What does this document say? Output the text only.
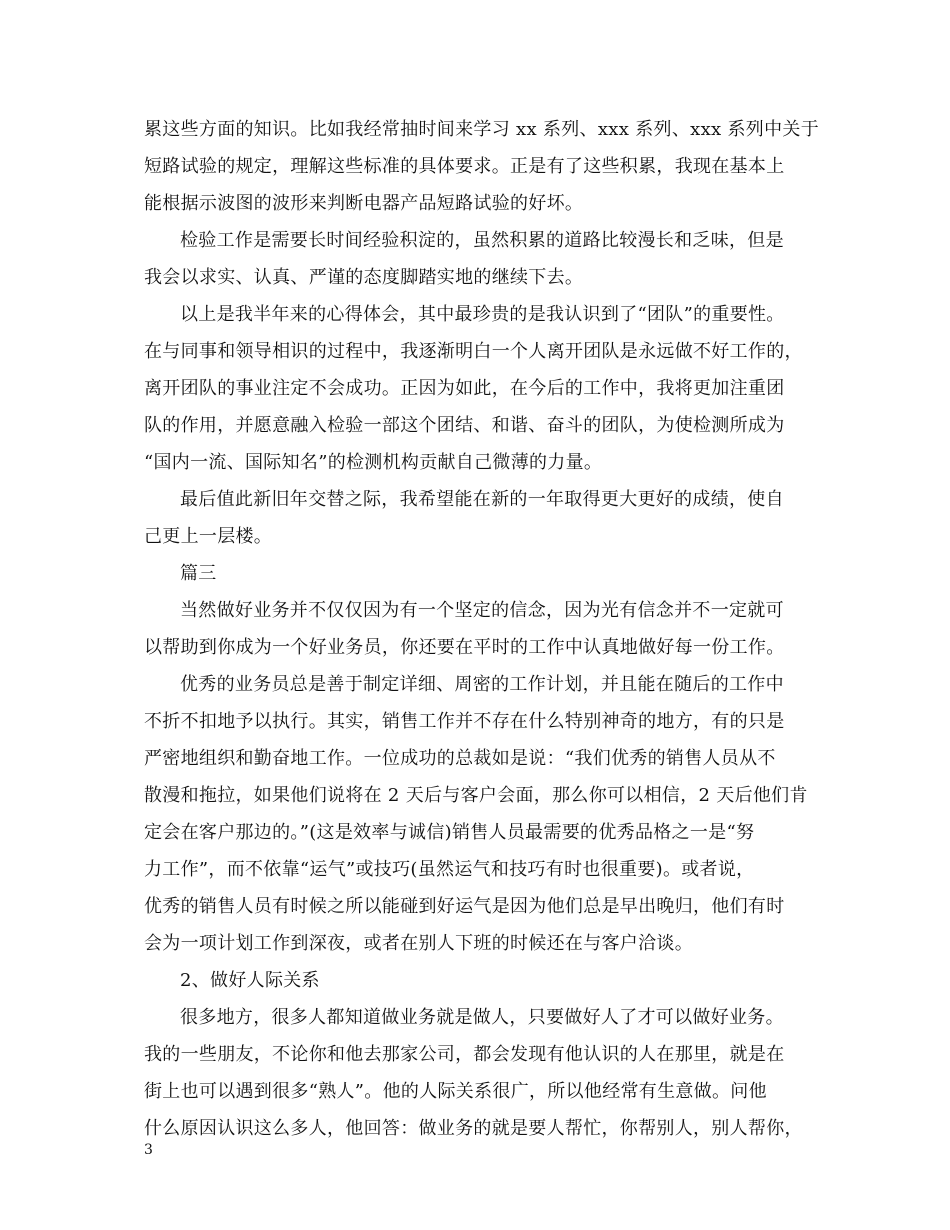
累这些方面的知识。比如我经常抽时间来学习 xx 系列、xxx 系列、xxx 系列中关于
短路试验的规定，理解这些标准的具体要求。正是有了这些积累，我现在基本上
能根据示波图的波形来判断电器产品短路试验的好坏。
检验工作是需要长时间经验积淀的，虽然积累的道路比较漫长和乏味，但是
我会以求实、认真、严谨的态度脚踏实地的继续下去。
以上是我半年来的心得体会，其中最珍贵的是我认识到了“团队”的重要性。
在与同事和领导相识的过程中，我逐渐明白一个人离开团队是永远做不好工作的，
离开团队的事业注定不会成功。正因为如此，在今后的工作中，我将更加注重团
队的作用，并愿意融入检验一部这个团结、和谐、奋斗的团队，为使检测所成为
“国内一流、国际知名”的检测机构贡献自己微薄的力量。
最后值此新旧年交替之际，我希望能在新的一年取得更大更好的成绩，使自
己更上一层楼。
篇三
当然做好业务并不仅仅因为有一个坚定的信念，因为光有信念并不一定就可
以帮助到你成为一个好业务员，你还要在平时的工作中认真地做好每一份工作。
优秀的业务员总是善于制定详细、周密的工作计划，并且能在随后的工作中
不折不扣地予以执行。其实，销售工作并不存在什么特别神奇的地方，有的只是
严密地组织和勤奋地工作。一位成功的总裁如是说：“我们优秀的销售人员从不
散漫和拖拉，如果他们说将在 2 天后与客户会面，那么你可以相信，2 天后他们肯
定会在客户那边的。”(这是效率与诚信)销售人员最需要的优秀品格之一是“努
力工作”，而不依靠“运气”或技巧(虽然运气和技巧有时也很重要)。或者说，
优秀的销售人员有时候之所以能碰到好运气是因为他们总是早出晚归，他们有时
会为一项计划工作到深夜，或者在别人下班的时候还在与客户洽谈。
2、做好人际关系
很多地方，很多人都知道做业务就是做人，只要做好人了才可以做好业务。
我的一些朋友，不论你和他去那家公司，都会发现有他认识的人在那里，就是在
街上也可以遇到很多“熟人”。他的人际关系很广，所以他经常有生意做。问他
什么原因认识这么多人，他回答：做业务的就是要人帮忙，你帮别人，别人帮你，
3
